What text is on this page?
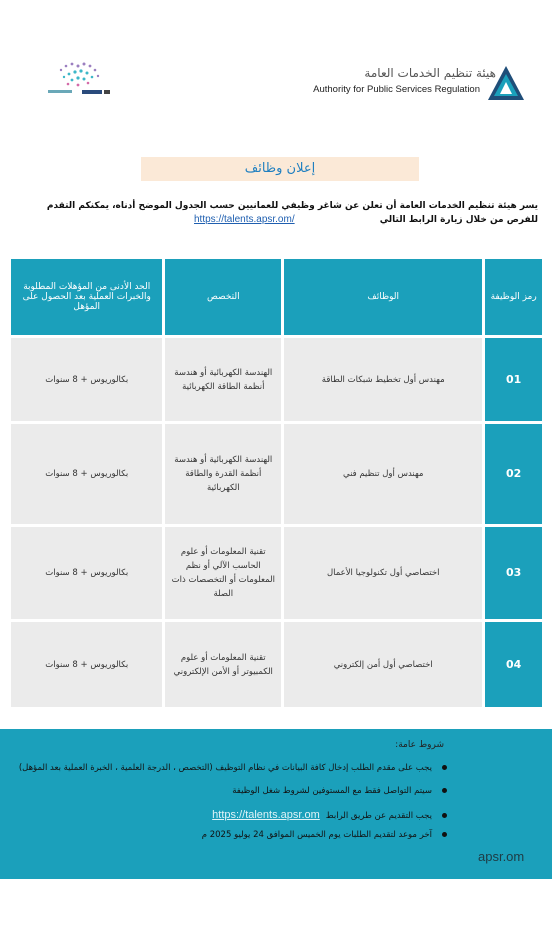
هيئة تنظيم الخدمات العامة
Authority for Public Services Regulation
إعلان وظائف
يسر هيئة تنظيم الخدمات العامة أن تعلن عن شاغر وظيفي للعمانيين حسب الجدول الموضح أدناه، يمكنكم التقدم للفرص من خلال زيارة الرابط التالي
https://talents.apsr.om/
رمز الوظيفة	الوظائف	التخصص	الحد الأدنى من المؤهلات المطلوبة والخبرات العملية بعد الحصول على المؤهل
01	مهندس أول تخطيط شبكات الطاقة	الهندسة الكهربائية أو هندسة أنظمة الطاقة الكهربائية	بكالوريوس + 8 سنوات
02	مهندس أول تنظيم فني	الهندسة الكهربائية أو هندسة أنظمة القدرة والطاقة الكهربائية	بكالوريوس + 8 سنوات
03	اختصاصي أول تكنولوجيا الأعمال	تقنية المعلومات أو علوم الحاسب الآلي أو نظم المعلومات أو التخصصات ذات الصلة	بكالوريوس + 8 سنوات
04	اختصاصي أول أمن إلكتروني	تقنية المعلومات أو علوم الكمبيوتر أو الأمن الإلكتروني	بكالوريوس + 8 سنوات
شروط عامة:
يجب على مقدم الطلب إدخال كافة البيانات في نظام التوظيف (التخصص ، الدرجة العلمية ، الخبرة العملية بعد المؤهل)
سيتم التواصل فقط مع المستوفين لشروط شغل الوظيفة
يجب التقديم عن طريق الرابطhttps://talents.apsr.om
آخر موعد لتقديم الطلبات يوم الخميس الموافق 24 يوليو 2025 م
apsr.om
